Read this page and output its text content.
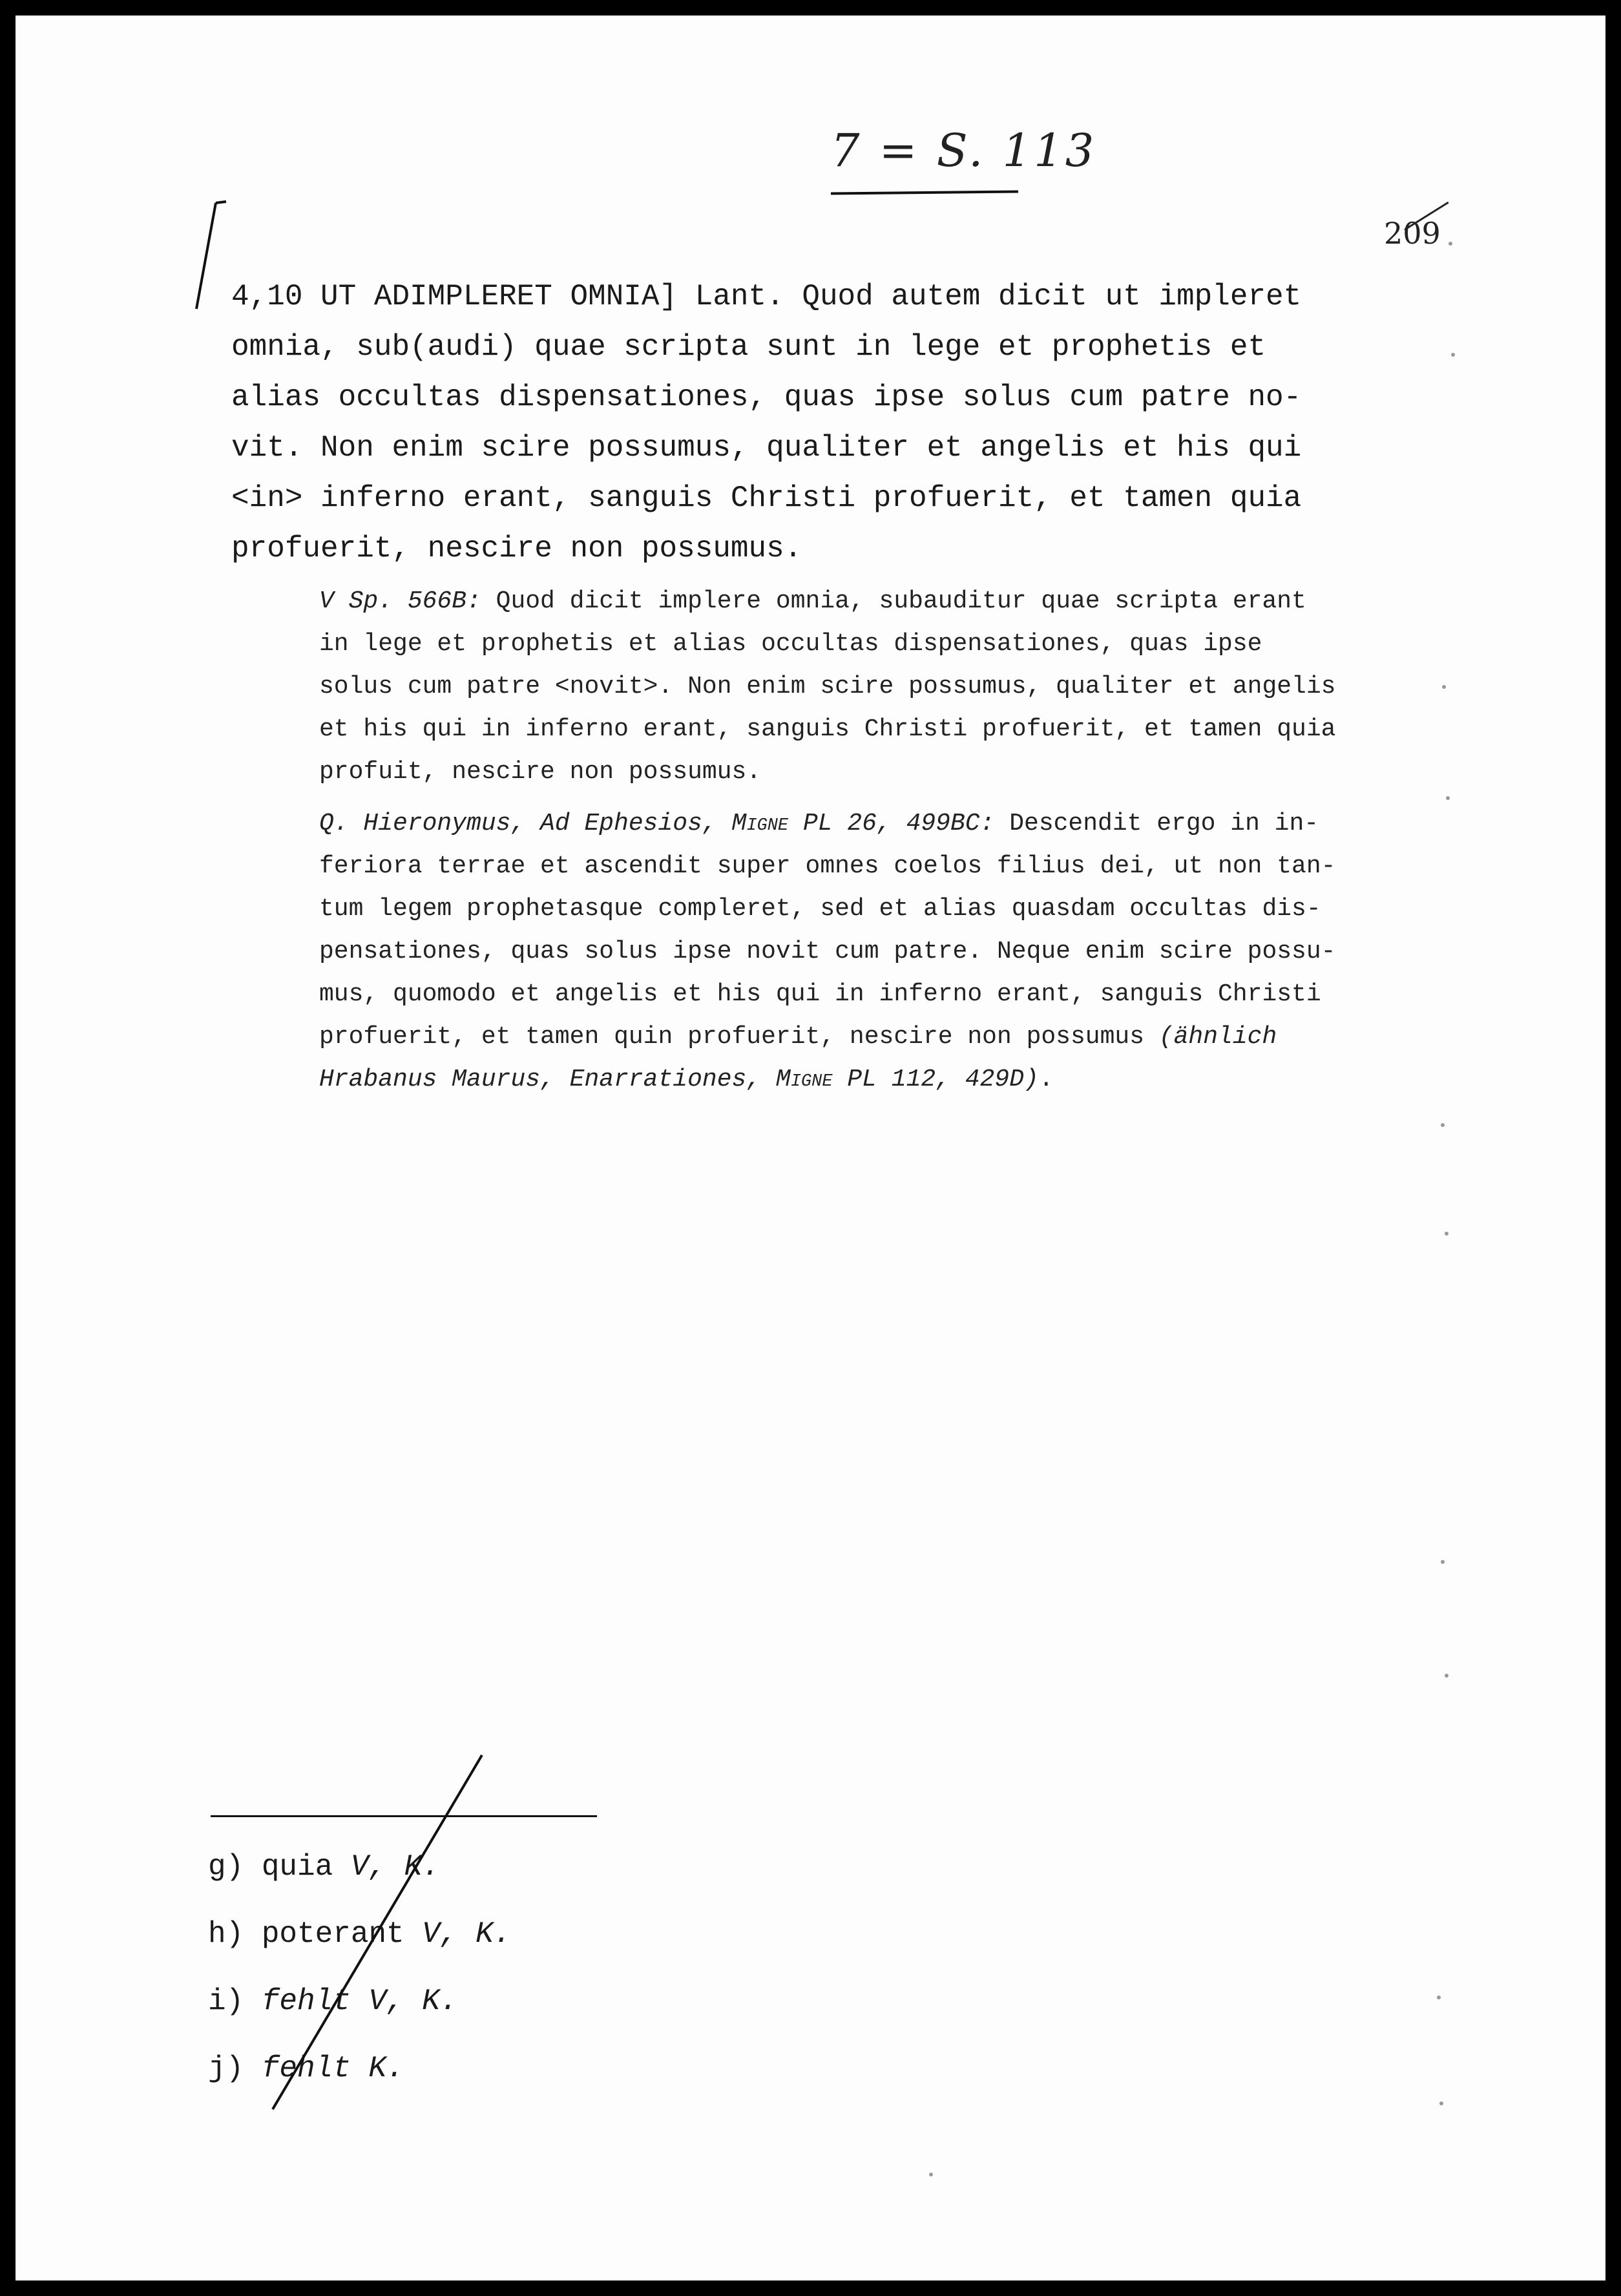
7 = S. 113
209
4,10 UT ADIMPLERET OMNIA] Lant. Quod autem dicit ut impleret
omnia, sub(audi) quae scripta sunt in lege et prophetis et
alias occultas dispensationes, quas ipse solus cum patre no-
vit. Non enim scire possumus, qualiter et angelis et his qui
<in> inferno erant, sanguis Christi profuerit, et tamen quia
profuerit, nescire non possumus.
V Sp. 566B: Quod dicit implere omnia, subauditur quae scripta erant
in lege et prophetis et alias occultas dispensationes, quas ipse
solus cum patre <novit>. Non enim scire possumus, qualiter et angelis
et his qui in inferno erant, sanguis Christi profuerit, et tamen quia
profuit, nescire non possumus.
Q. Hieronymus, Ad Ephesios, Migne PL 26, 499BC: Descendit ergo in in-
feriora terrae et ascendit super omnes coelos filius dei, ut non tan-
tum legem prophetasque compleret, sed et alias quasdam occultas dis-
pensationes, quas solus ipse novit cum patre. Neque enim scire possu-
mus, quomodo et angelis et his qui in inferno erant, sanguis Christi
profuerit, et tamen quin profuerit, nescire non possumus (ähnlich
Hrabanus Maurus, Enarrationes, Migne PL 112, 429D).
g) quia V, K.
h) poterant V, K.
i) fehlt V, K.
j) fehlt K.
